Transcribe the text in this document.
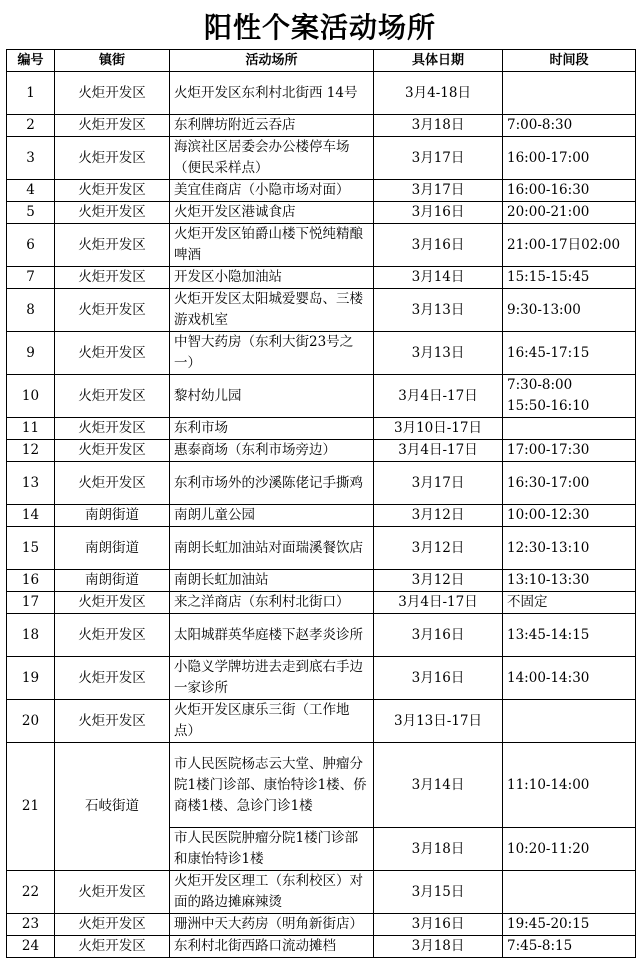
阳性个案活动场所
编号	镇街	活动场所	具体日期	时间段
1	火炬开发区	火炬开发区东利村北街西 14号	3月4-18日	

2	火炬开发区	东利牌坊附近云吞店	3月18日	7:00-8:30

3	火炬开发区	海滨社区居委会办公楼停车场（便民采样点）	3月17日	16:00-17:00

4	火炬开发区	美宜佳商店（小隐市场对面）	3月17日	16:00-16:30

5	火炬开发区	火炬开发区港诚食店	3月16日	20:00-21:00

6	火炬开发区	火炬开发区铂爵山楼下悦纯精酿啤酒	3月16日	21:00-17日02:00

7	火炬开发区	开发区小隐加油站	3月14日	15:15-15:45

8	火炬开发区	火炬开发区太阳城爱婴岛、三楼游戏机室	3月13日	9:30-13:00

9	火炬开发区	中智大药房（东利大街23号之一）	3月13日	16:45-17:15

10	火炬开发区	黎村幼儿园	3月4日-17日	7:30-8:00
15:50-16:10

11	火炬开发区	东利市场	3月10日-17日	

12	火炬开发区	惠泰商场（东利市场旁边）	3月4日-17日	17:00-17:30

13	火炬开发区	东利市场外的沙溪陈佬记手撕鸡	3月17日	16:30-17:00

14	南朗街道	南朗儿童公园	3月12日	10:00-12:30

15	南朗街道	南朗长虹加油站对面瑞溪餐饮店	3月12日	12:30-13:10

16	南朗街道	南朗长虹加油站	3月12日	13:10-13:30

17	火炬开发区	来之洋商店（东利村北街口）	3月4日-17日	不固定

18	火炬开发区	太阳城群英华庭楼下赵孝炎诊所	3月16日	13:45-14:15

19	火炬开发区	小隐义学牌坊进去走到底右手边一家诊所	3月16日	14:00-14:30

20	火炬开发区	火炬开发区康乐三街（工作地点）	3月13日-17日	

21	石岐街道	市人民医院杨志云大堂、肿瘤分院1楼门诊部、康怡特诊1楼、侨商楼1楼、急诊门诊1楼	3月14日	11:10-14:00

		市人民医院肿瘤分院1楼门诊部和康怡特诊1楼	3月18日	10:20-11:20
22	火炬开发区	火炬开发区理工（东利校区）对面的路边摊麻辣烫	3月15日	

23	火炬开发区	珊洲中天大药房（明角新街店）	3月16日	19:45-20:15

24	火炬开发区	东利村北街西路口流动摊档	3月18日	7:45-8:15
